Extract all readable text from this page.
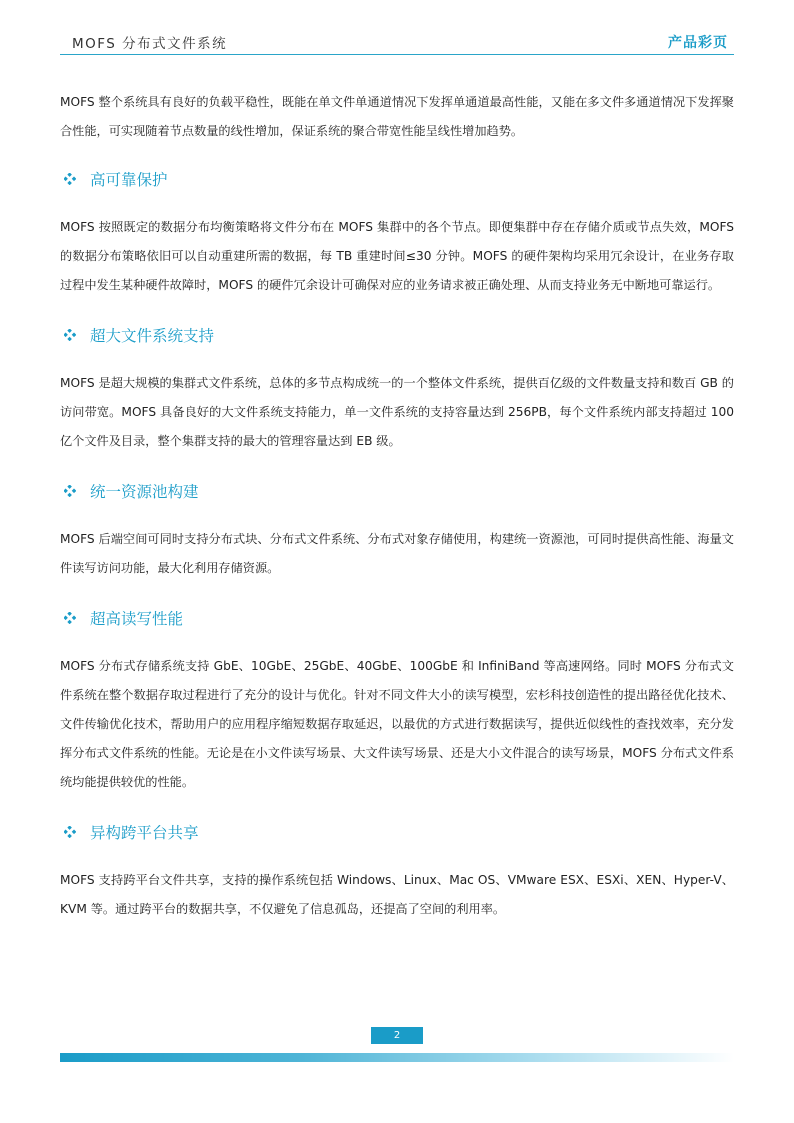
MOFS 分布式文件系统	产品彩页

MOFS 整个系统具有良好的负载平稳性，既能在单文件单通道情况下发挥单通道最高性能，又能在多文件多通道情况下发挥聚合性能，可实现随着节点数量的线性增加，保证系统的聚合带宽性能呈线性增加趋势。

高可靠保护

MOFS 按照既定的数据分布均衡策略将文件分布在 MOFS 集群中的各个节点。即便集群中存在存储介质或节点失效，MOFS 的数据分布策略依旧可以自动重建所需的数据，每 TB 重建时间≤30 分钟。MOFS 的硬件架构均采用冗余设计，在业务存取过程中发生某种硬件故障时，MOFS 的硬件冗余设计可确保对应的业务请求被正确处理、从而支持业务无中断地可靠运行。

超大文件系统支持

MOFS 是超大规模的集群式文件系统，总体的多节点构成统一的一个整体文件系统，提供百亿级的文件数量支持和数百 GB 的访问带宽。MOFS 具备良好的大文件系统支持能力，单一文件系统的支持容量达到 256PB，每个文件系统内部支持超过 100 亿个文件及目录，整个集群支持的最大的管理容量达到 EB 级。

统一资源池构建

MOFS 后端空间可同时支持分布式块、分布式文件系统、分布式对象存储使用，构建统一资源池，可同时提供高性能、海量文件读写访问功能，最大化利用存储资源。

超高读写性能

MOFS 分布式存储系统支持 GbE、10GbE、25GbE、40GbE、100GbE 和 InfiniBand 等高速网络。同时 MOFS 分布式文件系统在整个数据存取过程进行了充分的设计与优化。针对不同文件大小的读写模型，宏杉科技创造性的提出路径优化技术、文件传输优化技术，帮助用户的应用程序缩短数据存取延迟，以最优的方式进行数据读写，提供近似线性的查找效率，充分发挥分布式文件系统的性能。无论是在小文件读写场景、大文件读写场景、还是大小文件混合的读写场景，MOFS 分布式文件系统均能提供较优的性能。

异构跨平台共享

MOFS 支持跨平台文件共享，支持的操作系统包括 Windows、Linux、Mac OS、VMware ESX、ESXi、XEN、Hyper-V、KVM 等。通过跨平台的数据共享，不仅避免了信息孤岛，还提高了空间的利用率。

2
